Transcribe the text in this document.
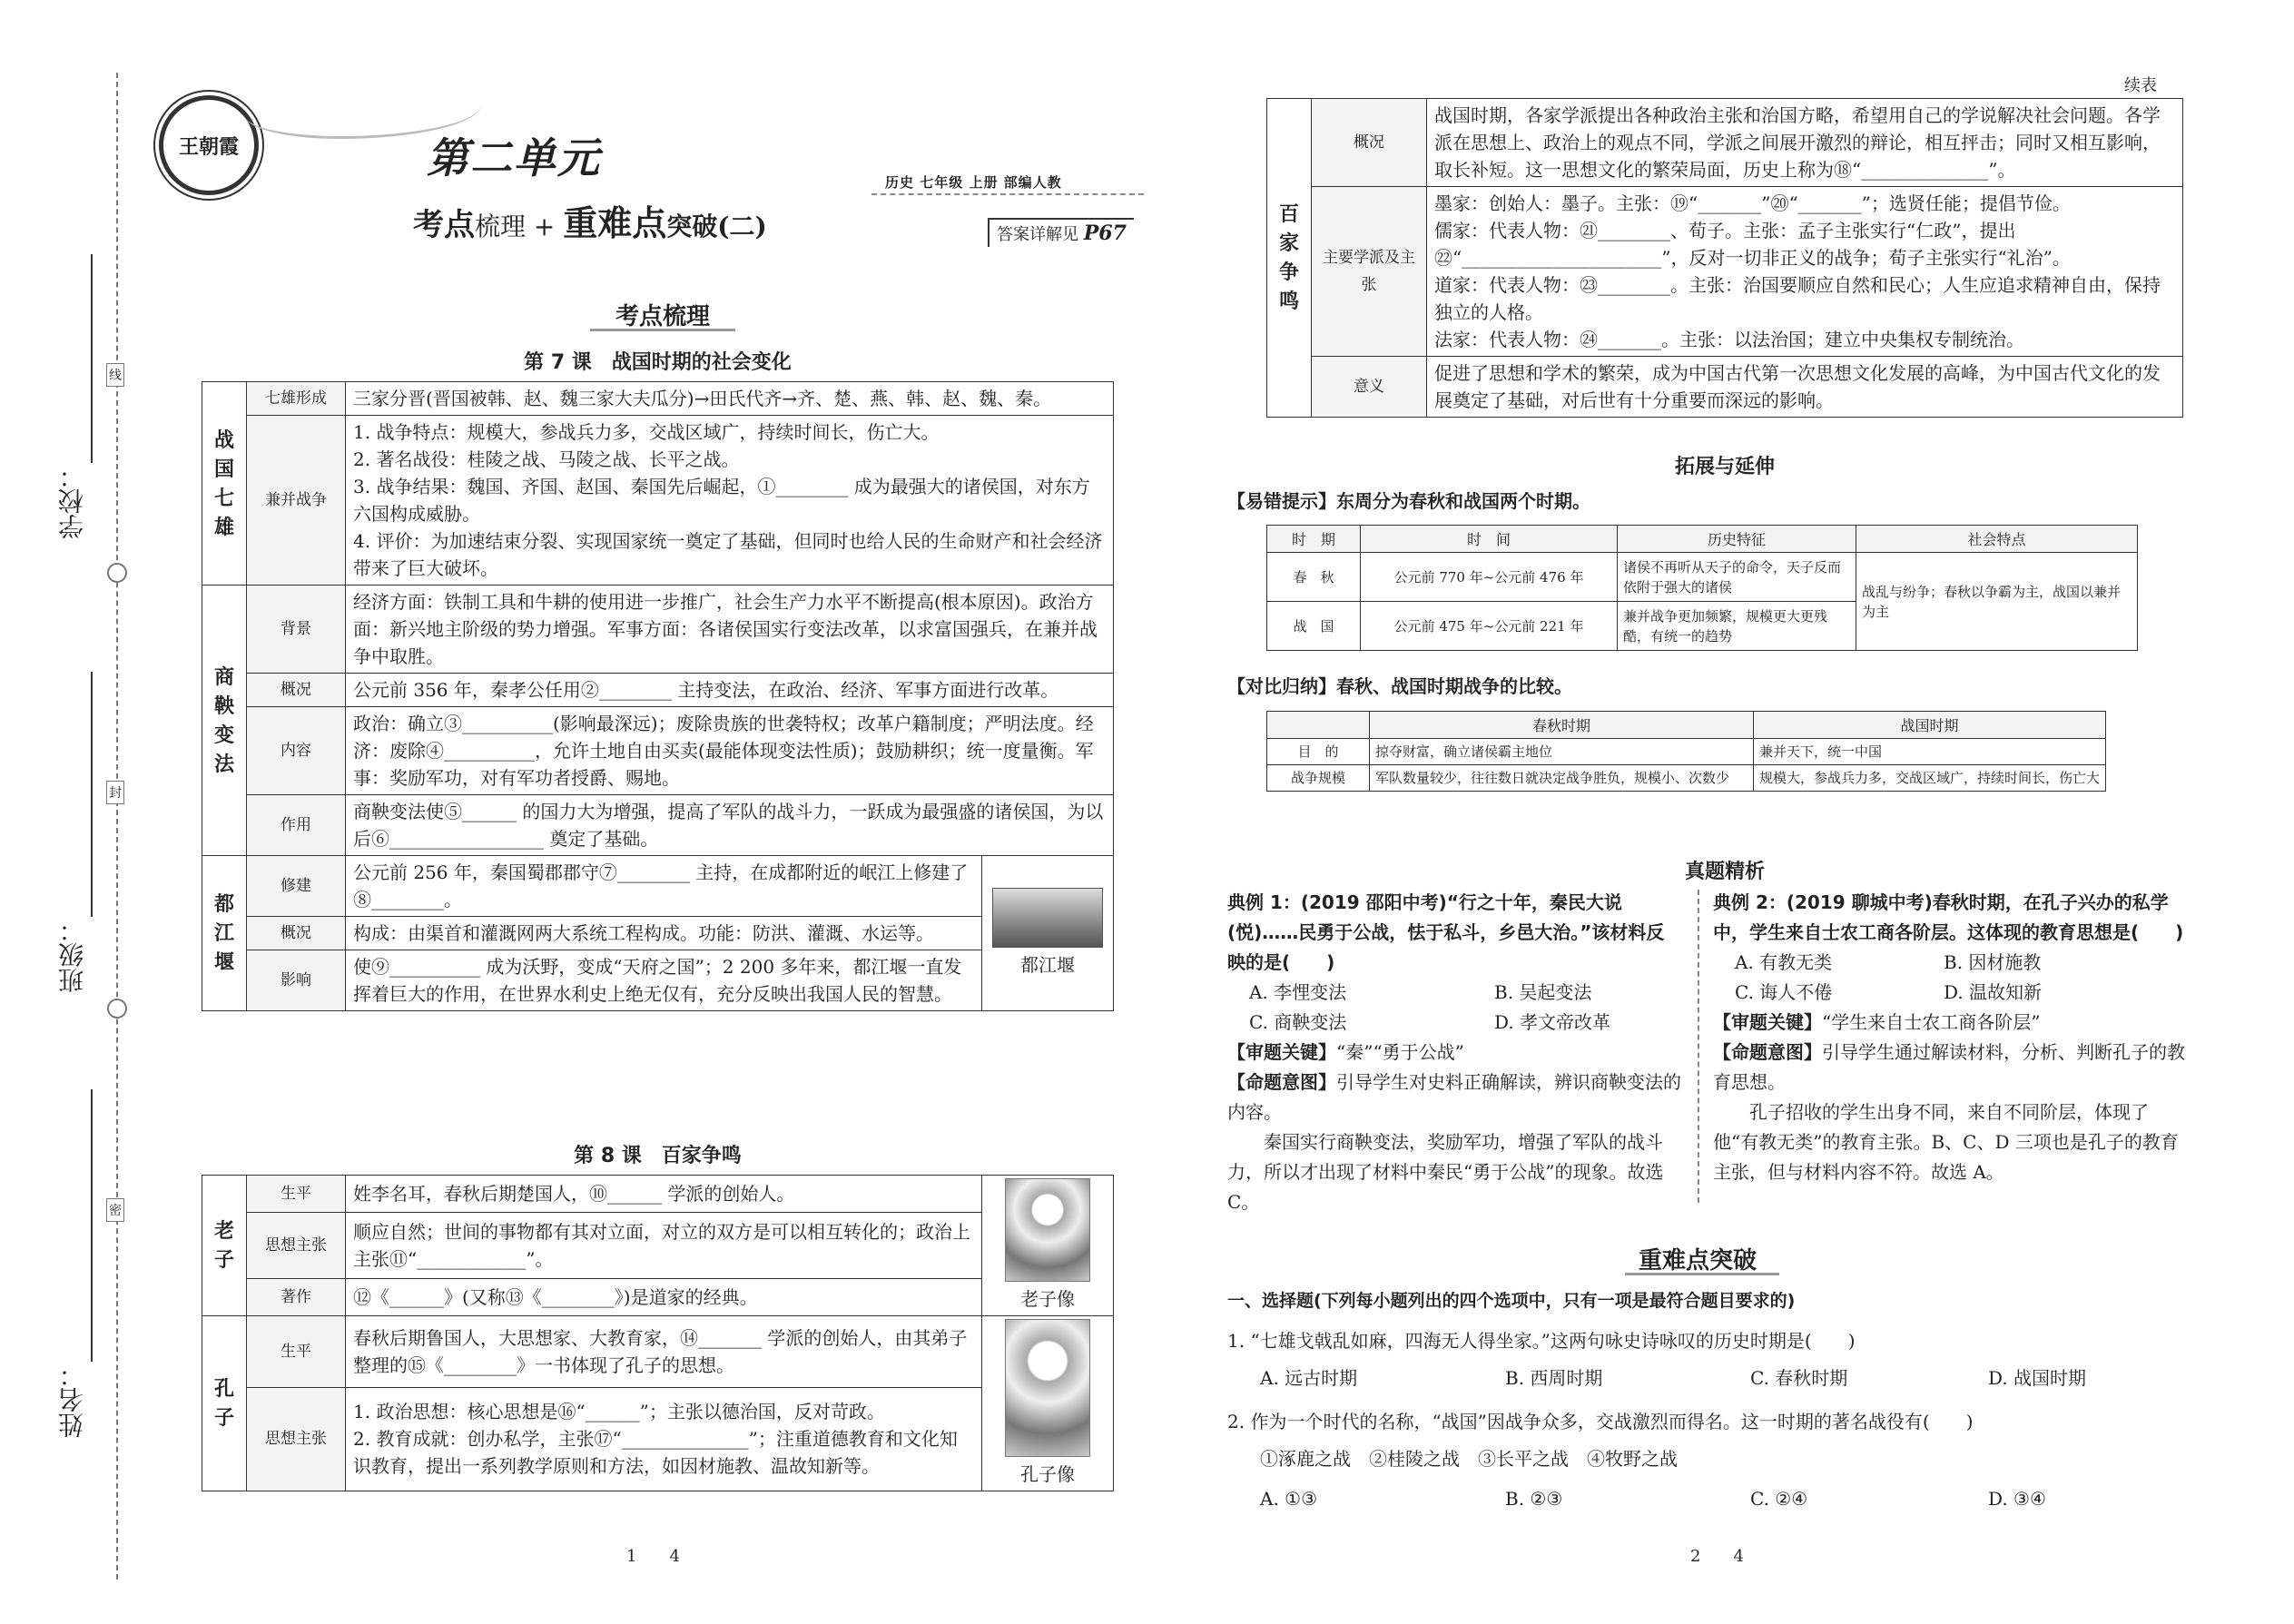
学校：
班级：
姓名：
线
封
密
王朝霞	第二单元
考点梳理 + 重难点突破(二)
历史 七年级 上册 部编人教
答案详解见 P67
考点梳理
第 7 课　战国时期的社会变化
战国七雄	七雄形成	三家分晋(晋国被韩、赵、魏三家大夫瓜分)→田氏代齐→齐、楚、燕、韩、赵、魏、秦。	
	兼并战争	1. 战争特点：规模大，参战兵力多，交战区域广，持续时间长，伤亡大。
2. 著名战役：桂陵之战、马陵之战、长平之战。
3. 战争结果：魏国、齐国、赵国、秦国先后崛起，①________ 成为最强大的诸侯国，对东方六国构成威胁。
4. 评价：为加速结束分裂、实现国家统一奠定了基础，但同时也给人民的生命财产和社会经济带来了巨大破坏。	

商鞅变法	背景	经济方面：铁制工具和牛耕的使用进一步推广，社会生产力水平不断提高(根本原因)。政治方面：新兴地主阶级的势力增强。军事方面：各诸侯国实行变法改革，以求富国强兵，在兼并战争中取胜。	
	概况	公元前 356 年，秦孝公任用②________ 主持变法，在政治、经济、军事方面进行改革。	
	内容	政治：确立③__________(影响最深远)；废除贵族的世袭特权；改革户籍制度；严明法度。经济：废除④__________，允许土地自由买卖(最能体现变法性质)；鼓励耕织；统一度量衡。军事：奖励军功，对有军功者授爵、赐地。	
	作用	商鞅变法使⑤______ 的国力大为增强，提高了军队的战斗力，一跃成为最强盛的诸侯国，为以后⑥_________________ 奠定了基础。	
都江堰	修建	公元前 256 年，秦国蜀郡郡守⑦________ 主持，在成都附近的岷江上修建了⑧________。	都江堰

	概况	构成：由渠首和灌溉网两大系统工程构成。功能：防洪、灌溉、水运等。	
	影响	使⑨__________ 成为沃野，变成“天府之国”；2 200 多年来，都江堰一直发挥着巨大的作用，在世界水利史上绝无仅有，充分反映出我国人民的智慧。	
第 8 课　百家争鸣
老子	生平	姓李名耳，春秋后期楚国人，⑩______ 学派的创始人。	老子像

	思想主张	顺应自然；世间的事物都有其对立面，对立的双方是可以相互转化的；政治上主张⑪“____________”。	
	著作	⑫《______》(又称⑬《________》)是道家的经典。	
孔子	生平	春秋后期鲁国人，大思想家、大教育家，⑭_______ 学派的创始人，由其弟子整理的⑮《________》一书体现了孔子的思想。	孔子像

	思想主张	1. 政治思想：核心思想是⑯“______”；主张以德治国，反对苛政。
2. 教育成就：创办私学，主张⑰“______________”；注重道德教育和文化知识教育，提出一系列教学原则和方法，如因材施教、温故知新等。	
1　　4
续表
百家争鸣	概况	战国时期，各家学派提出各种政治主张和治国方略，希望用自己的学说解决社会问题。各学派在思想上、政治上的观点不同，学派之间展开激烈的辩论，相互抨击；同时又相互影响，取长补短。这一思想文化的繁荣局面，历史上称为⑱“______________”。
	主要学派及主张	墨家：创始人：墨子。主张：⑲“_______”⑳“_______”；选贤任能；提倡节俭。
儒家：代表人物：㉑________、荀子。主张：孟子主张实行“仁政”，提出㉒“______________________”，反对一切非正义的战争；荀子主张实行“礼治”。
道家：代表人物：㉓________。主张：治国要顺应自然和民心；人生应追求精神自由，保持独立的人格。
法家：代表人物：㉔_______。主张：以法治国；建立中央集权专制统治。

	意义	促进了思想和学术的繁荣，成为中国古代第一次思想文化发展的高峰，为中国古代文化的发展奠定了基础，对后世有十分重要而深远的影响。
拓展与延伸
【易错提示】东周分为春秋和战国两个时期。
时　期	时　间	历史特征	社会特点
春　秋	公元前 770 年~公元前 476 年	诸侯不再听从天子的命令，天子反而依附于强大的诸侯	战乱与纷争；春秋以争霸为主，战国以兼并为主
战　国	公元前 475 年~公元前 221 年	兼并战争更加频繁，规模更大更残酷，有统一的趋势	
【对比归纳】春秋、战国时期战争的比较。
	春秋时期	战国时期
目　的	掠夺财富，确立诸侯霸主地位	兼并天下，统一中国
战争规模	军队数量较少，往往数日就决定战争胜负，规模小、次数少	规模大，参战兵力多，交战区域广，持续时间长，伤亡大
真题精析

典例 1：(2019 邵阳中考)“行之十年，秦民大说(悦)……民勇于公战，怯于私斗，乡邑大治。”该材料反映的是(　　)

A. 李悝变法	B. 吴起变法

C. 商鞅变法	D. 孝文帝改革

【审题关键】“秦”“勇于公战”

【命题意图】引导学生对史料正确解读，辨识商鞅变法的内容。

秦国实行商鞅变法，奖励军功，增强了军队的战斗力，所以才出现了材料中秦民“勇于公战”的现象。故选 C。

典例 2：(2019 聊城中考)春秋时期，在孔子兴办的私学中，学生来自士农工商各阶层。这体现的教育思想是(　　)

A. 有教无类	B. 因材施教

C. 诲人不倦	D. 温故知新

【审题关键】“学生来自士农工商各阶层”

【命题意图】引导学生通过解读材料，分析、判断孔子的教育思想。

孔子招收的学生出身不同，来自不同阶层，体现了他“有教无类”的教育主张。B、C、D 三项也是孔子的教育主张，但与材料内容不符。故选 A。

重难点突破
一、选择题(下列每小题列出的四个选项中，只有一项是最符合题目要求的)

1. “七雄戈戟乱如麻，四海无人得坐家。”这两句咏史诗咏叹的历史时期是(　　)

A. 远古时期	B. 西周时期	C. 春秋时期	D. 战国时期

2. 作为一个时代的名称，“战国”因战争众多，交战激烈而得名。这一时期的著名战役有(　　)

①涿鹿之战　②桂陵之战　③长平之战　④牧野之战

A. ①③	B. ②③	C. ②④	D. ③④

2　　4
